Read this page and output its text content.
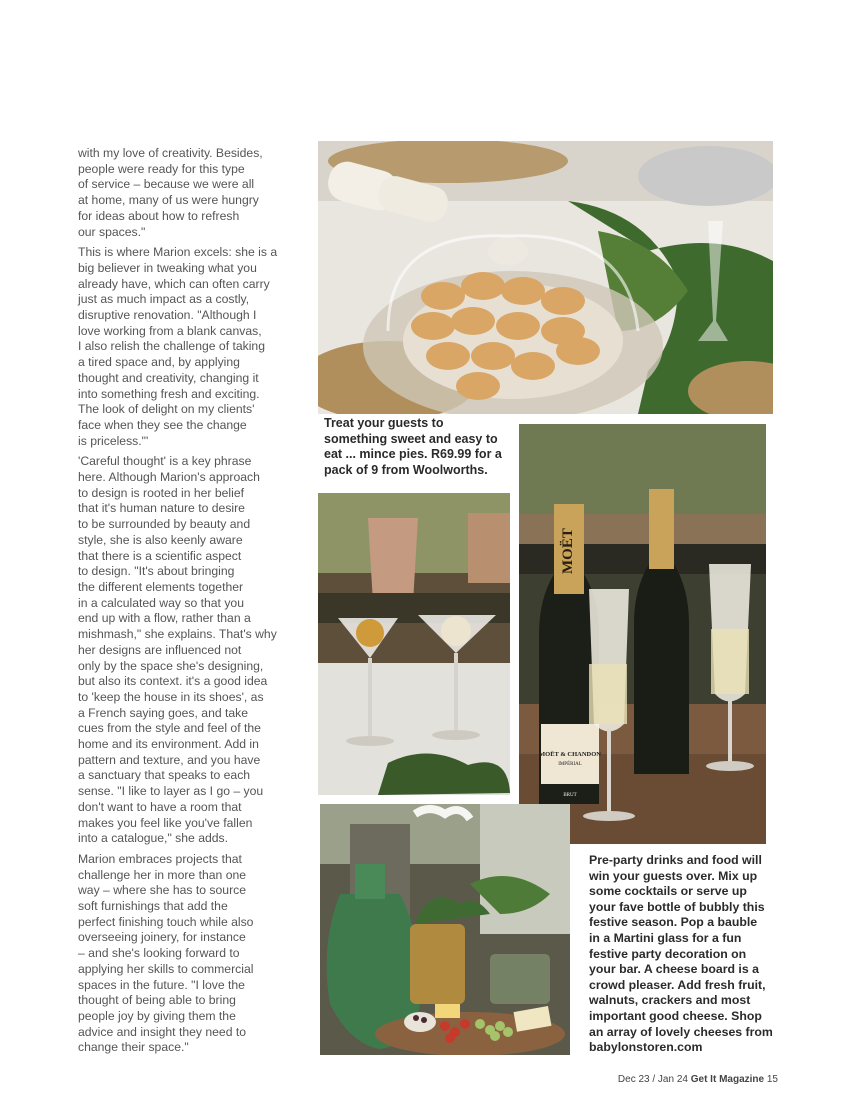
with my love of creativity. Besides,
people were ready for this type
of service – because we were all
at home, many of us were hungry
for ideas about how to refresh
our spaces."

This is where Marion excels: she is a
big believer in tweaking what you
already have, which can often carry
just as much impact as a costly,
disruptive renovation. "Although I
love working from a blank canvas,
I also relish the challenge of taking
a tired space and, by applying
thought and creativity, changing it
into something fresh and exciting.
The look of delight on my clients'
face when they see the change
is priceless."'

'Careful thought' is a key phrase
here. Although Marion's approach
to design is rooted in her belief
that it's human nature to desire
to be surrounded by beauty and
style, she is also keenly aware
that there is a scientific aspect
to design. "It's about bringing
the different elements together
in a calculated way so that you
end up with a flow, rather than a
mishmash," she explains. That's why
her designs are influenced not
only by the space she's designing,
but also its context. it's a good idea
to 'keep the house in its shoes', as
a French saying goes, and take
cues from the style and feel of the
home and its environment. Add in
pattern and texture, and you have
a sanctuary that speaks to each
sense. "I like to layer as I go – you
don't want to have a room that
makes you feel like you've fallen
into a catalogue," she adds.

Marion embraces projects that
challenge her in more than one
way – where she has to source
soft furnishings that add the
perfect finishing touch while also
overseeing joinery, for instance
– and she's looking forward to
applying her skills to commercial
spaces in the future. "I love the
thought of being able to bring
people joy by giving them the
advice and insight they need to
change their space."

Treat your guests to
something sweet and easy to
eat ... mince pies. R69.99 for a
pack of 9 from Woolworths.
MOËT
MOËT & CHANDON
IMPÉRIAL
BRUT
Pre-party drinks and food will
win your guests over. Mix up
some cocktails or serve up
your fave bottle of bubbly this
festive season. Pop a bauble
in a Martini glass for a fun
festive party decoration on
your bar. A cheese board is a
crowd pleaser. Add fresh fruit,
walnuts, crackers and most
important good cheese. Shop
an array of lovely cheeses from
babylonstoren.com
Dec 23 / Jan 24 Get It Magazine 15
